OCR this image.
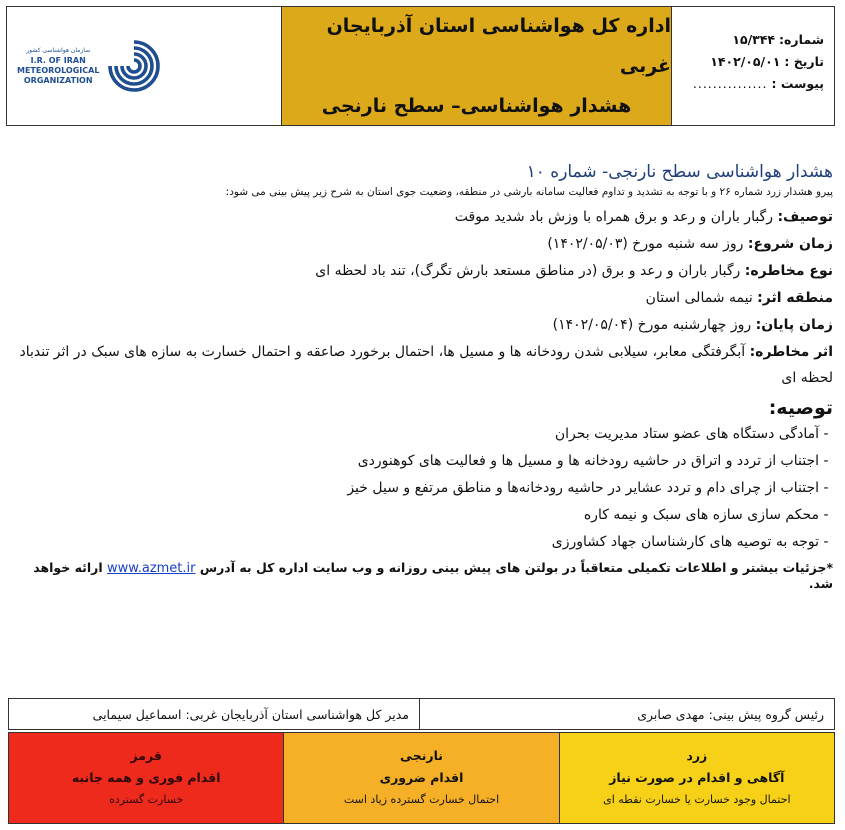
شماره:
۱۵/۳۴۴
تاریخ :
۱۴۰۲/۰۵/۰۱
پیوست :
...............
اداره کل هواشناسی استان آذربایجان غربی
هشدار هواشناسی– سطح نارنجی
سازمان هواشناسی کشور
I.R. OF IRAN
METEOROLOGICAL
ORGANIZATION
هشدار هواشناسی سطح نارنجی- شماره ۱۰
پیرو هشدار زرد شماره ۲۶ و با توجه به تشدید و تداوم فعالیت سامانه بارشی در منطقه، وضعیت جوی استان به شرح زیر پیش بینی می شود:
توصیف: رگبار باران و رعد و برق همراه با وزش باد شدید موقت
زمان شروع: روز سه شنبه مورخ (۱۴۰۲/۰۵/۰۳)
نوع مخاطره: رگبار باران و رعد و برق (در مناطق مستعد بارش تگرگ)، تند باد لحظه ای
منطقه اثر: نیمه شمالی استان
زمان پایان: روز چهارشنبه مورخ (۱۴۰۲/۰۵/۰۴)
اثر مخاطره: آبگرفتگی معابر، سیلابی شدن رودخانه ها و مسیل ها، احتمال برخورد صاعقه و احتمال خسارت به سازه های سبک در اثر تندباد لحظه ای
توصیه:
-
آمادگی دستگاه های عضو ستاد مدیریت بحران
-
اجتناب از تردد و اتراق در حاشیه رودخانه ها و مسیل ها و فعالیت های کوهنوردی
-
اجتناب از چرای دام و تردد عشایر در حاشیه رودخانه‌ها و مناطق مرتفع و سیل خیز
-
محکم سازی سازه های سبک و نیمه کاره
-
توجه به توصیه های کارشناسان جهاد کشاورزی
*جزئیات بیشتر و اطلاعات تکمیلی متعاقباً در بولتن های پیش بینی روزانه و وب سایت اداره کل به آدرس www.azmet.ir ارائه خواهد شد.
رئیس گروه پیش بینی: مهدی صابری
مدیر کل هواشناسی استان آذربایجان غربی: اسماعیل سیمایی
زرد
آگاهی و اقدام در صورت نیاز
احتمال وجود خسارت یا خسارت نقطه ای
نارنجی
اقدام ضروری
احتمال خسارت گسترده زیاد است
قرمز
اقدام فوری و همه جانبه
خسارت گسترده
